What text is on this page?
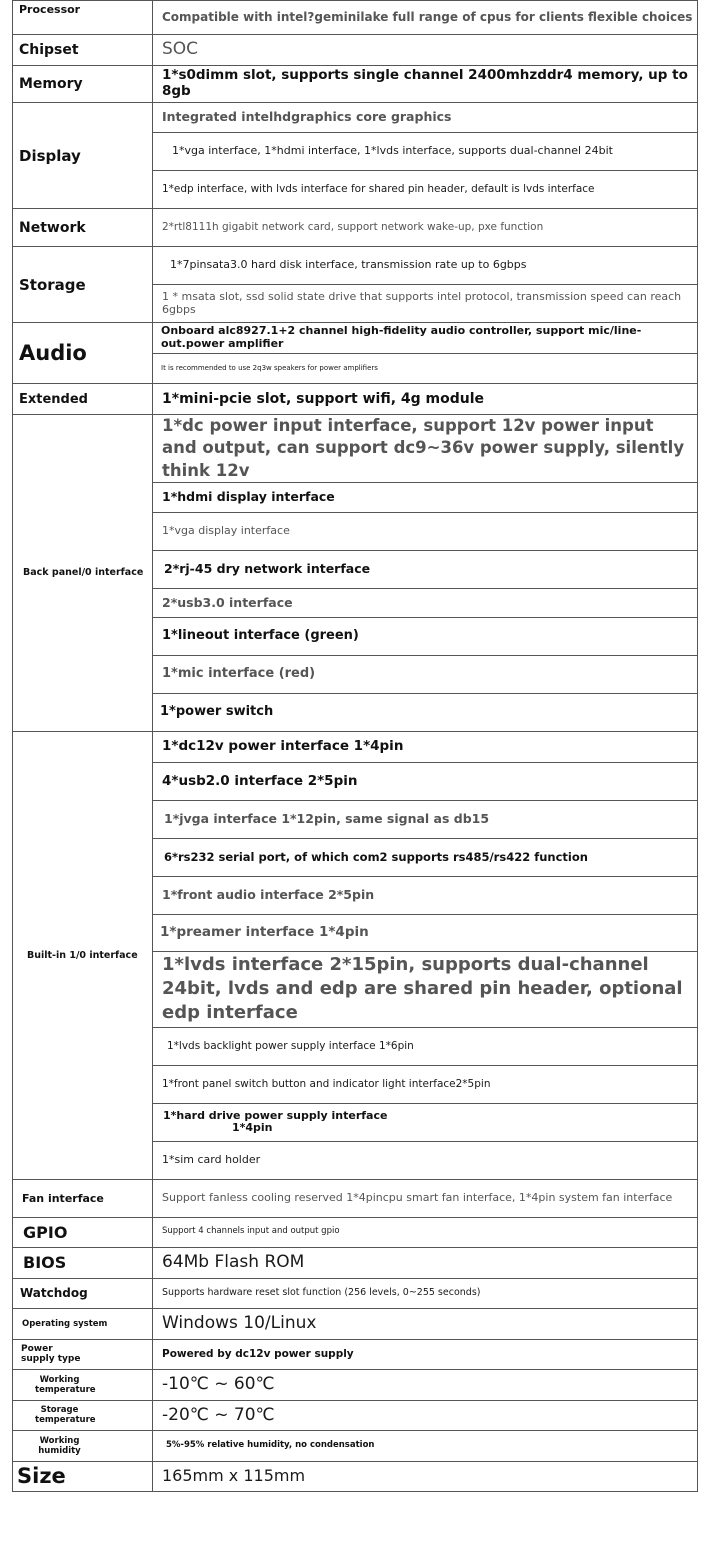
Processor	Compatible with intel?geminilake full range of cpus for clients flexible choices
Chipset	SOC
Memory	1*s0dimm slot, supports single channel 2400mhzddr4 memory, up to 8gb
Display	Integrated intelhdgraphics core graphics
	1*vga interface, 1*hdmi interface, 1*lvds interface, supports dual-channel 24bit
	1*edp interface, with lvds interface for shared pin header, default is lvds interface
Network	2*rtl8111h gigabit network card, support network wake-up, pxe function
Storage	1*7pinsata3.0 hard disk interface, transmission rate up to 6gbps
	1 * msata slot, ssd solid state drive that supports intel protocol, transmission speed can reach 6gbps
Audio	Onboard alc8927.1+2 channel high-fidelity audio controller, support mic/line-out.power amplifier
	It is recommended to use 2q3w speakers for power amplifiers
Extended	1*mini-pcie slot, support wifi, 4g module
Back panel/0 interface	1*dc power input interface, support 12v power input and output, can support dc9~36v power supply, silently think 12v
	1*hdmi display interface
	1*vga display interface
	2*rj-45 dry network interface
	2*usb3.0 interface
	1*lineout interface (green)
	1*mic interface (red)
	1*power switch
Built-in 1/0 interface	1*dc12v power interface 1*4pin
	4*usb2.0 interface 2*5pin
	1*jvga interface 1*12pin, same signal as db15
	6*rs232 serial port, of which com2 supports rs485/rs422 function
	1*front audio interface 2*5pin
	1*preamer interface 1*4pin
	1*lvds interface 2*15pin, supports dual-channel 24bit, lvds and edp are shared pin header, optional edp interface
	1*lvds backlight power supply interface 1*6pin
	1*front panel switch button and indicator light interface2*5pin
	1*hard drive power supply interface
1*4pin
	1*sim card holder
Fan interface	Support fanless cooling reserved 1*4pincpu smart fan interface, 1*4pin system fan interface
GPIO	Support 4 channels input and output gpio
BIOS	64Mb Flash ROM
Watchdog	Supports hardware reset slot function (256 levels, 0~255 seconds)
Operating system	Windows 10/Linux
Power supply type	Powered by dc12v power supply
Working temperature	-10℃ ~ 60℃
Storage temperature	-20℃ ~ 70℃
Working humidity	5%-95% relative humidity, no condensation
Size	165mm x 115mm
